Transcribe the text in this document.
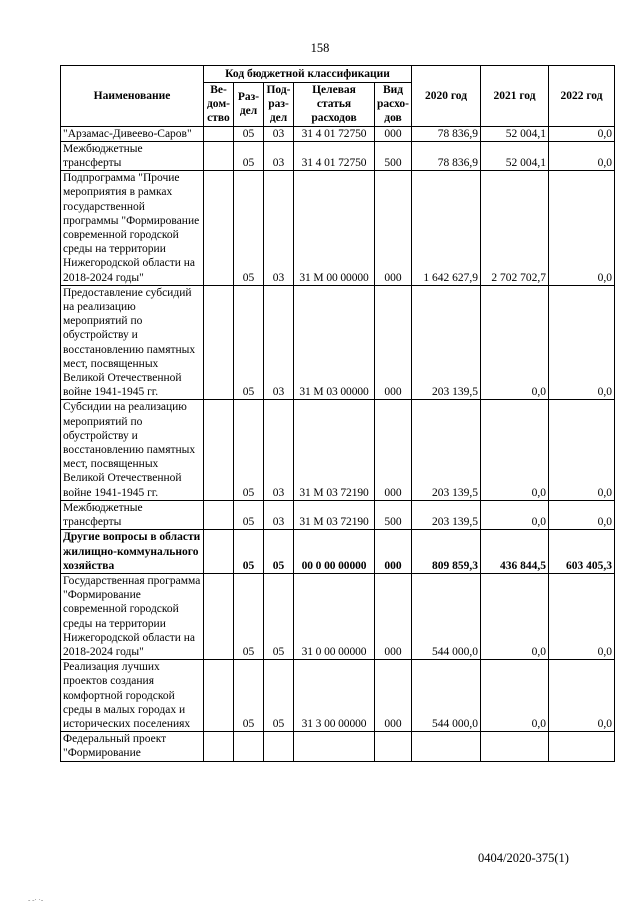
158
Наименование	Код бюджетной классификации					2020 год	2021 год	2022 год
	Ве-
дом-
ство	Раз-
дел	Под-
раз-
дел	Целевая
статья
расходов	Вид
расхо-
дов			
"Арзамас-Дивеево-Саров"		05	03	31 4 01 72750	000	78 836,9	52 004,1	0,0
Межбюджетные трансферты		05	03	31 4 01 72750	500	78 836,9	52 004,1	0,0
Подпрограмма "Прочие мероприятия в рамках государственной программы "Формирование современной городской среды на территории Нижегородской области на 2018-2024 годы"		05	03	31 М 00 00000	000	1 642 627,9	2 702 702,7	0,0
Предоставление субсидий на реализацию мероприятий по обустройству и восстановлению памятных мест, посвященных Великой Отечественной войне 1941-1945 гг.		05	03	31 М 03 00000	000	203 139,5	0,0	0,0
Субсидии на реализацию мероприятий по обустройству и восстановлению памятных мест, посвященных Великой Отечественной войне 1941-1945 гг.		05	03	31 М 03 72190	000	203 139,5	0,0	0,0
Межбюджетные трансферты		05	03	31 М 03 72190	500	203 139,5	0,0	0,0
Другие вопросы в области жилищно-коммунального хозяйства		05	05	00 0 00 00000	000	809 859,3	436 844,5	603 405,3
Государственная программа "Формирование современной городской среды на территории Нижегородской области на 2018-2024 годы"		05	05	31 0 00 00000	000	544 000,0	0,0	0,0
Реализация лучших проектов создания комфортной городской среды в малых городах и исторических поселениях		05	05	31 3 00 00000	000	544 000,0	0,0	0,0
Федеральный проект "Формирование								
0404/2020-375(1)
- -· ·-
